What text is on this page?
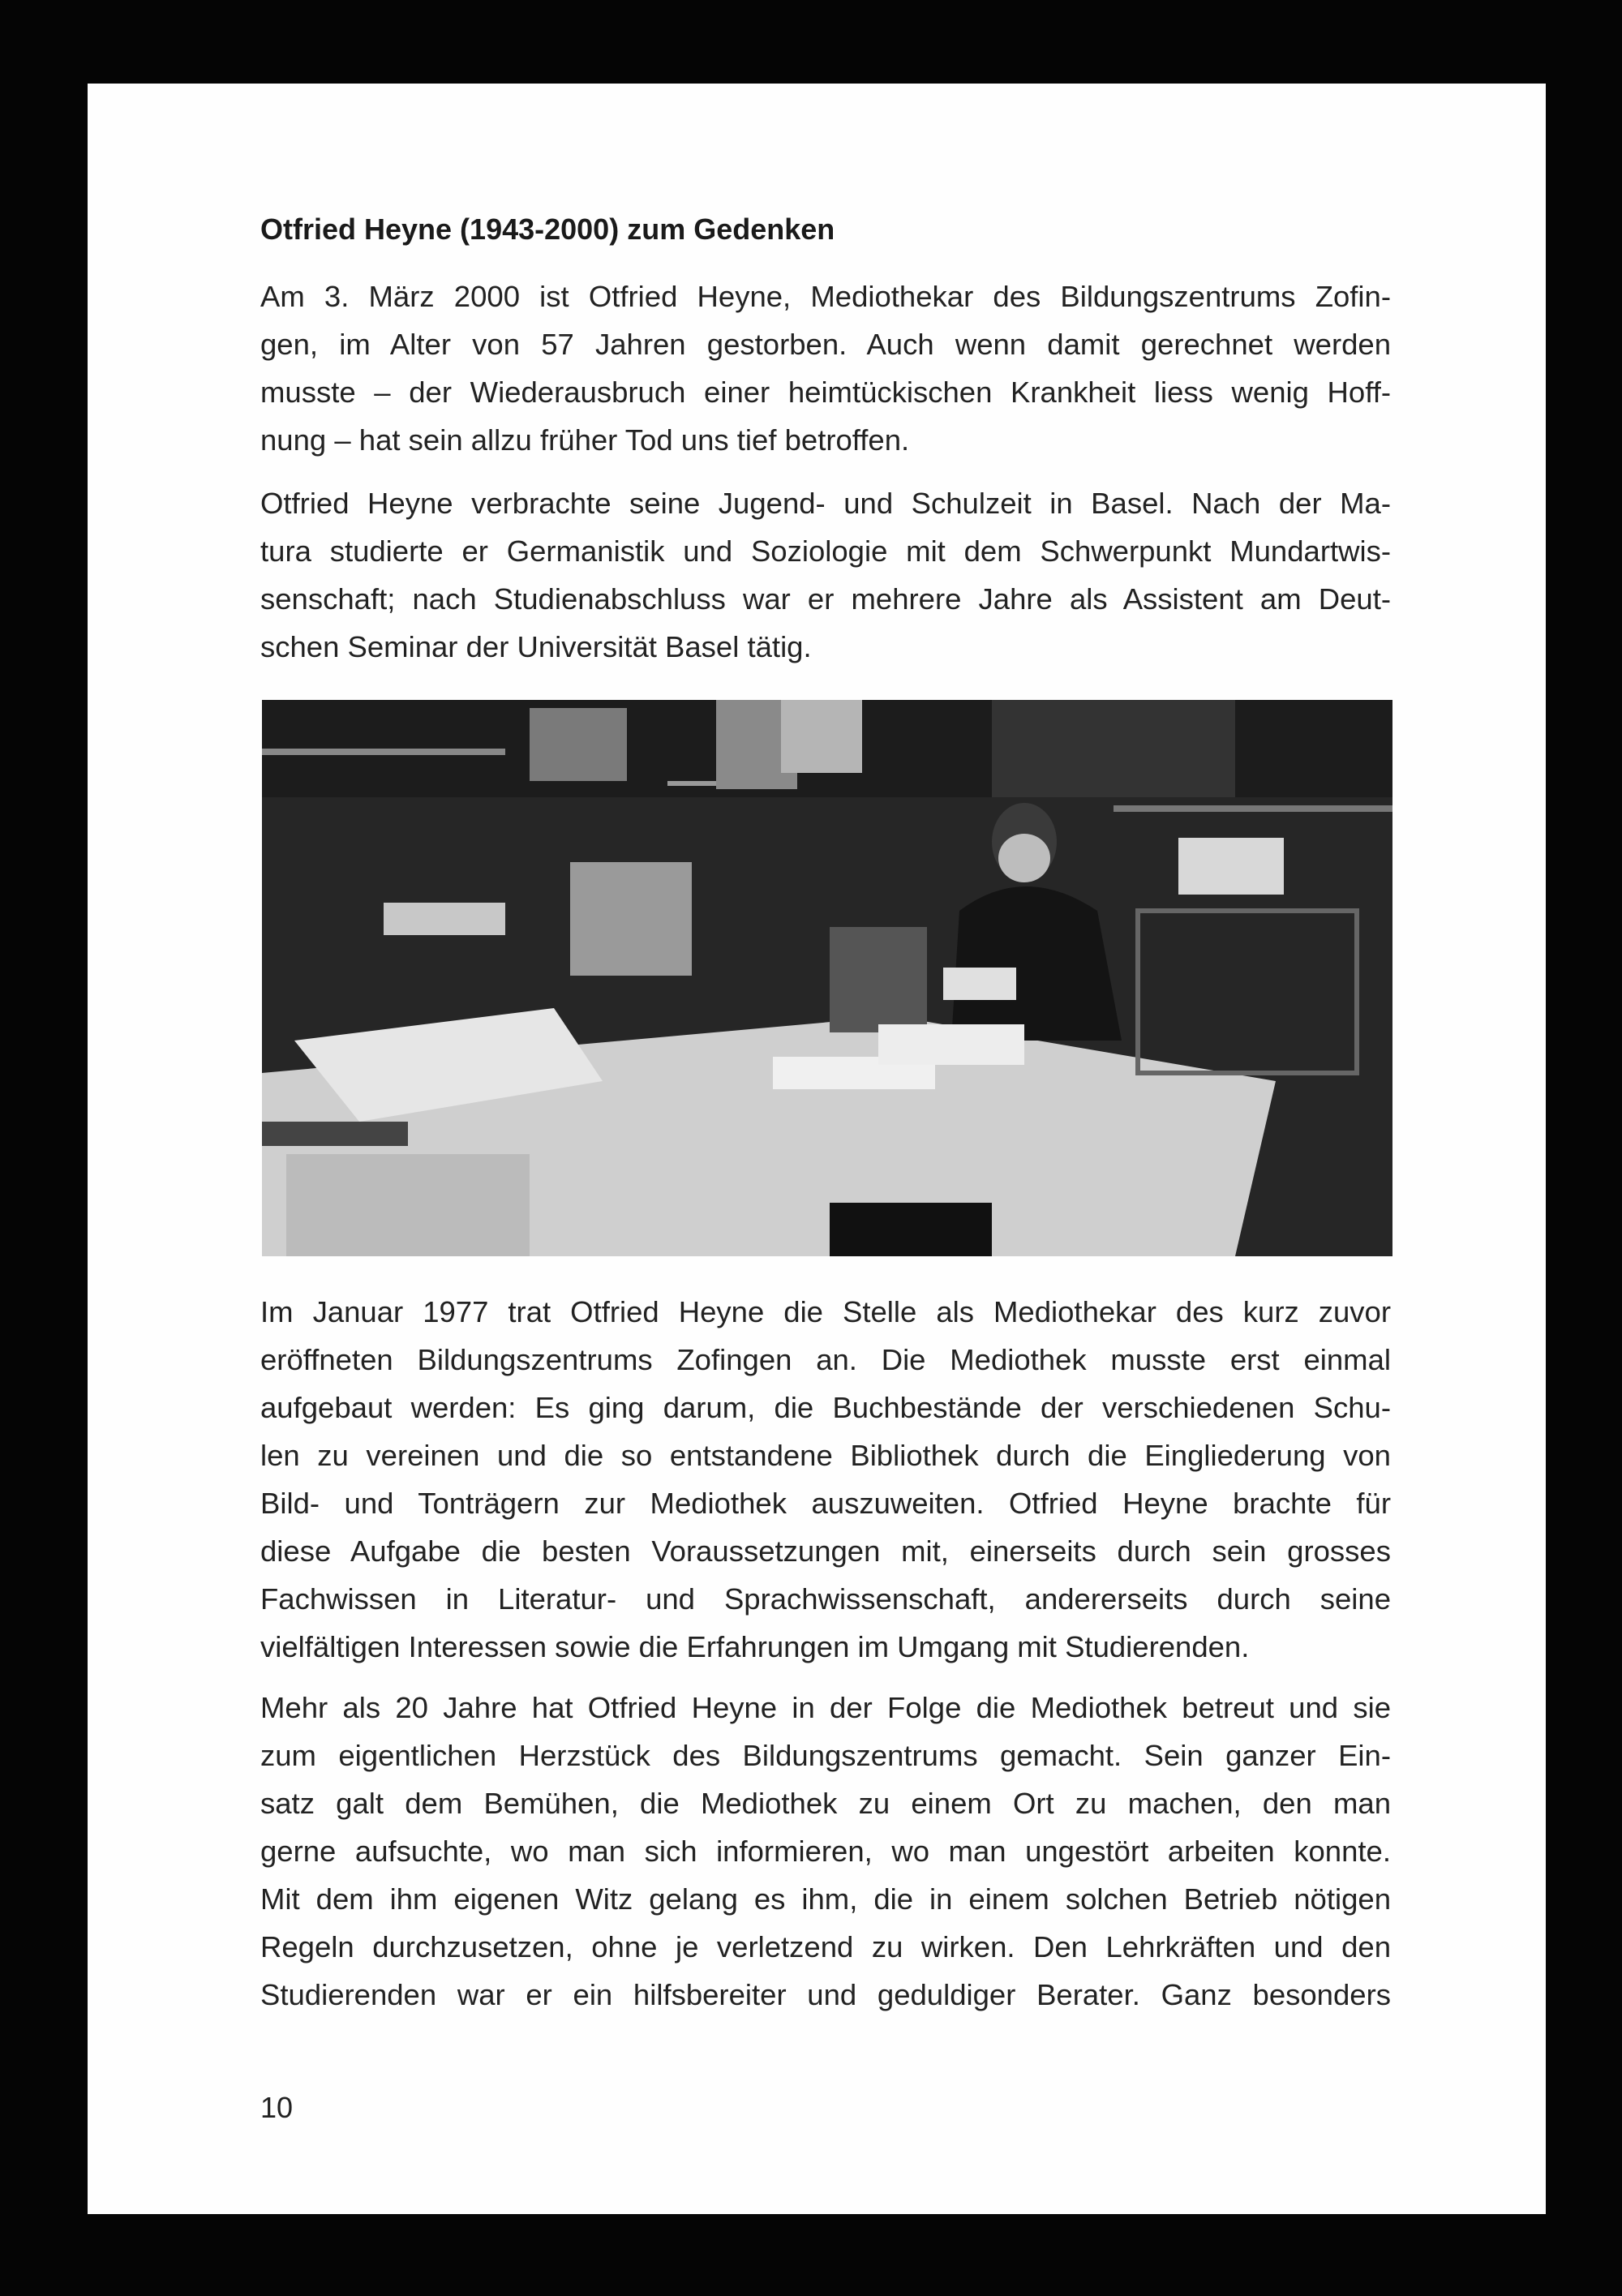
Otfried Heyne (1943-2000) zum Gedenken
Am 3. März 2000 ist Otfried Heyne, Mediothekar des Bildungszentrums Zofin-
gen, im Alter von 57 Jahren gestorben. Auch wenn damit gerechnet werden
musste – der Wiederausbruch einer heimtückischen Krankheit liess wenig Hoff-
nung – hat sein allzu früher Tod uns tief betroffen.
Otfried Heyne verbrachte seine Jugend- und Schulzeit in Basel. Nach der Ma-
tura studierte er Germanistik und Soziologie mit dem Schwerpunkt Mundartwis-
senschaft; nach Studienabschluss war er mehrere Jahre als Assistent am Deut-
schen Seminar der Universität Basel tätig.
Im Januar 1977 trat Otfried Heyne die Stelle als Mediothekar des kurz zuvor
eröffneten Bildungszentrums Zofingen an. Die Mediothek musste erst einmal
aufgebaut werden: Es ging darum, die Buchbestände der verschiedenen Schu-
len zu vereinen und die so entstandene Bibliothek durch die Eingliederung von
Bild- und Tonträgern zur Mediothek auszuweiten. Otfried Heyne brachte für
diese Aufgabe die besten Voraussetzungen mit, einerseits durch sein grosses
Fachwissen in Literatur- und Sprachwissenschaft, andererseits durch seine
vielfältigen Interessen sowie die Erfahrungen im Umgang mit Studierenden.
Mehr als 20 Jahre hat Otfried Heyne in der Folge die Mediothek betreut und sie
zum eigentlichen Herzstück des Bildungszentrums gemacht. Sein ganzer Ein-
satz galt dem Bemühen, die Mediothek zu einem Ort zu machen, den man
gerne aufsuchte, wo man sich informieren, wo man ungestört arbeiten konnte.
Mit dem ihm eigenen Witz gelang es ihm, die in einem solchen Betrieb nötigen
Regeln durchzusetzen, ohne je verletzend zu wirken. Den Lehrkräften und den
Studierenden war er ein hilfsbereiter und geduldiger Berater. Ganz besonders
10
